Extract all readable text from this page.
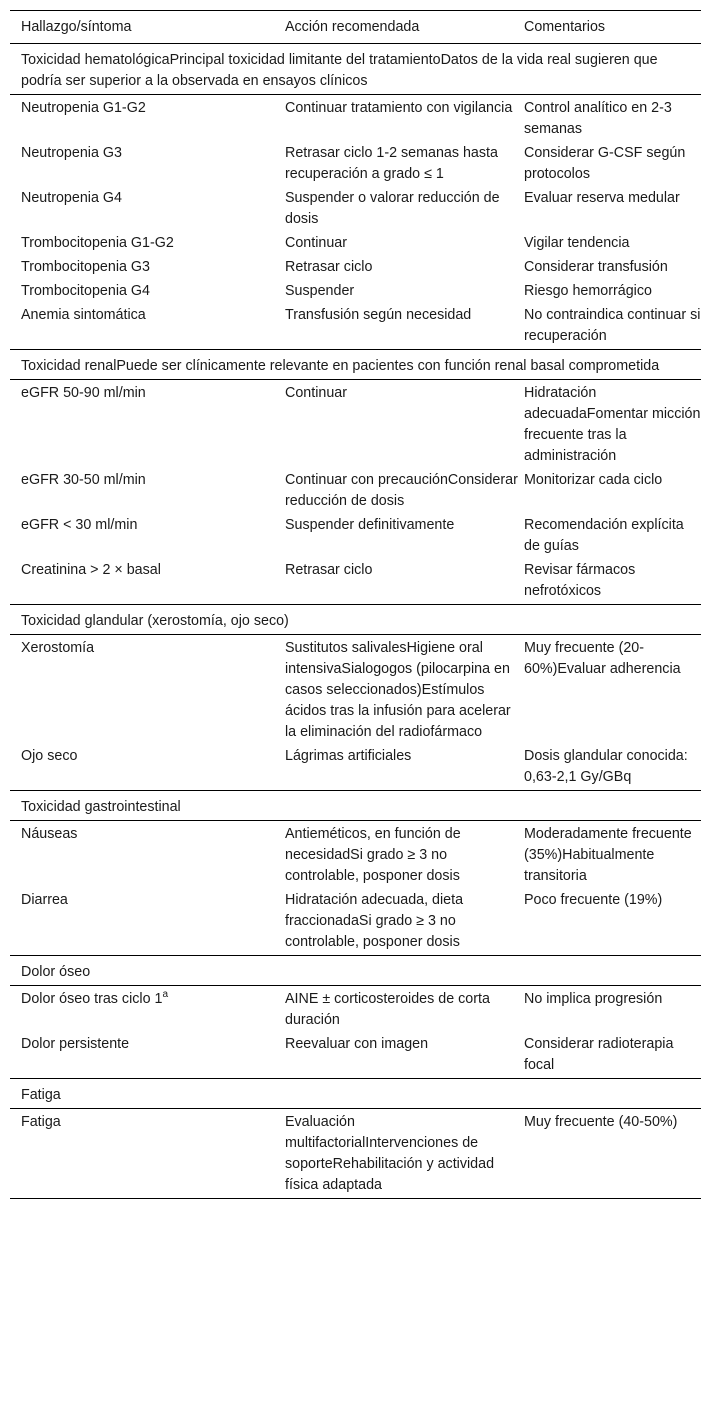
Hallazgo/síntoma	Acción recomendada	Comentarios
Toxicidad hematológicaPrincipal toxicidad limitante del tratamientoDatos de la vida real sugieren que podría ser superior a la observada en ensayos clínicos		
Neutropenia G1-G2	Continuar tratamiento con vigilancia	Control analítico en 2-3 semanas
Neutropenia G3	Retrasar ciclo 1-2 semanas hasta recuperación a grado ≤ 1	Considerar G-CSF según protocolos
Neutropenia G4	Suspender o valorar reducción de dosis	Evaluar reserva medular
Trombocitopenia G1-G2	Continuar	Vigilar tendencia
Trombocitopenia G3	Retrasar ciclo	Considerar transfusión
Trombocitopenia G4	Suspender	Riesgo hemorrágico
Anemia sintomática	Transfusión según necesidad	No contraindica continuar si recuperación
Toxicidad renalPuede ser clínicamente relevante en pacientes con función renal basal comprometida		
eGFR 50-90 ml/min	Continuar	Hidratación adecuadaFomentar micción frecuente tras la administración
eGFR 30-50 ml/min	Continuar con precauciónConsiderar reducción de dosis	Monitorizar cada ciclo
eGFR < 30 ml/min	Suspender definitivamente	Recomendación explícita de guías
Creatinina > 2 × basal	Retrasar ciclo	Revisar fármacos nefrotóxicos
Toxicidad glandular (xerostomía, ojo seco)		
Xerostomía	Sustitutos salivalesHigiene oral intensivaSialogogos (pilocarpina en casos seleccionados)Estímulos ácidos tras la infusión para acelerar la eliminación del radiofármaco	Muy frecuente (20-60%)Evaluar adherencia
Ojo seco	Lágrimas artificiales	Dosis glandular conocida: 0,63-2,1 Gy/GBq
Toxicidad gastrointestinal		
Náuseas	Antieméticos, en función de necesidadSi grado ≥ 3 no controlable, posponer dosis	Moderadamente frecuente (35%)Habitualmente transitoria
Diarrea	Hidratación adecuada, dieta fraccionadaSi grado ≥ 3 no controlable, posponer dosis	Poco frecuente (19%)
Dolor óseo		
Dolor óseo tras ciclo 1$^a$	AINE ± corticosteroides de corta duración	No implica progresión
Dolor persistente	Reevaluar con imagen	Considerar radioterapia focal
Fatiga		
Fatiga	Evaluación multifactorialIntervenciones de soporteRehabilitación y actividad física adaptada	Muy frecuente (40-50%)
